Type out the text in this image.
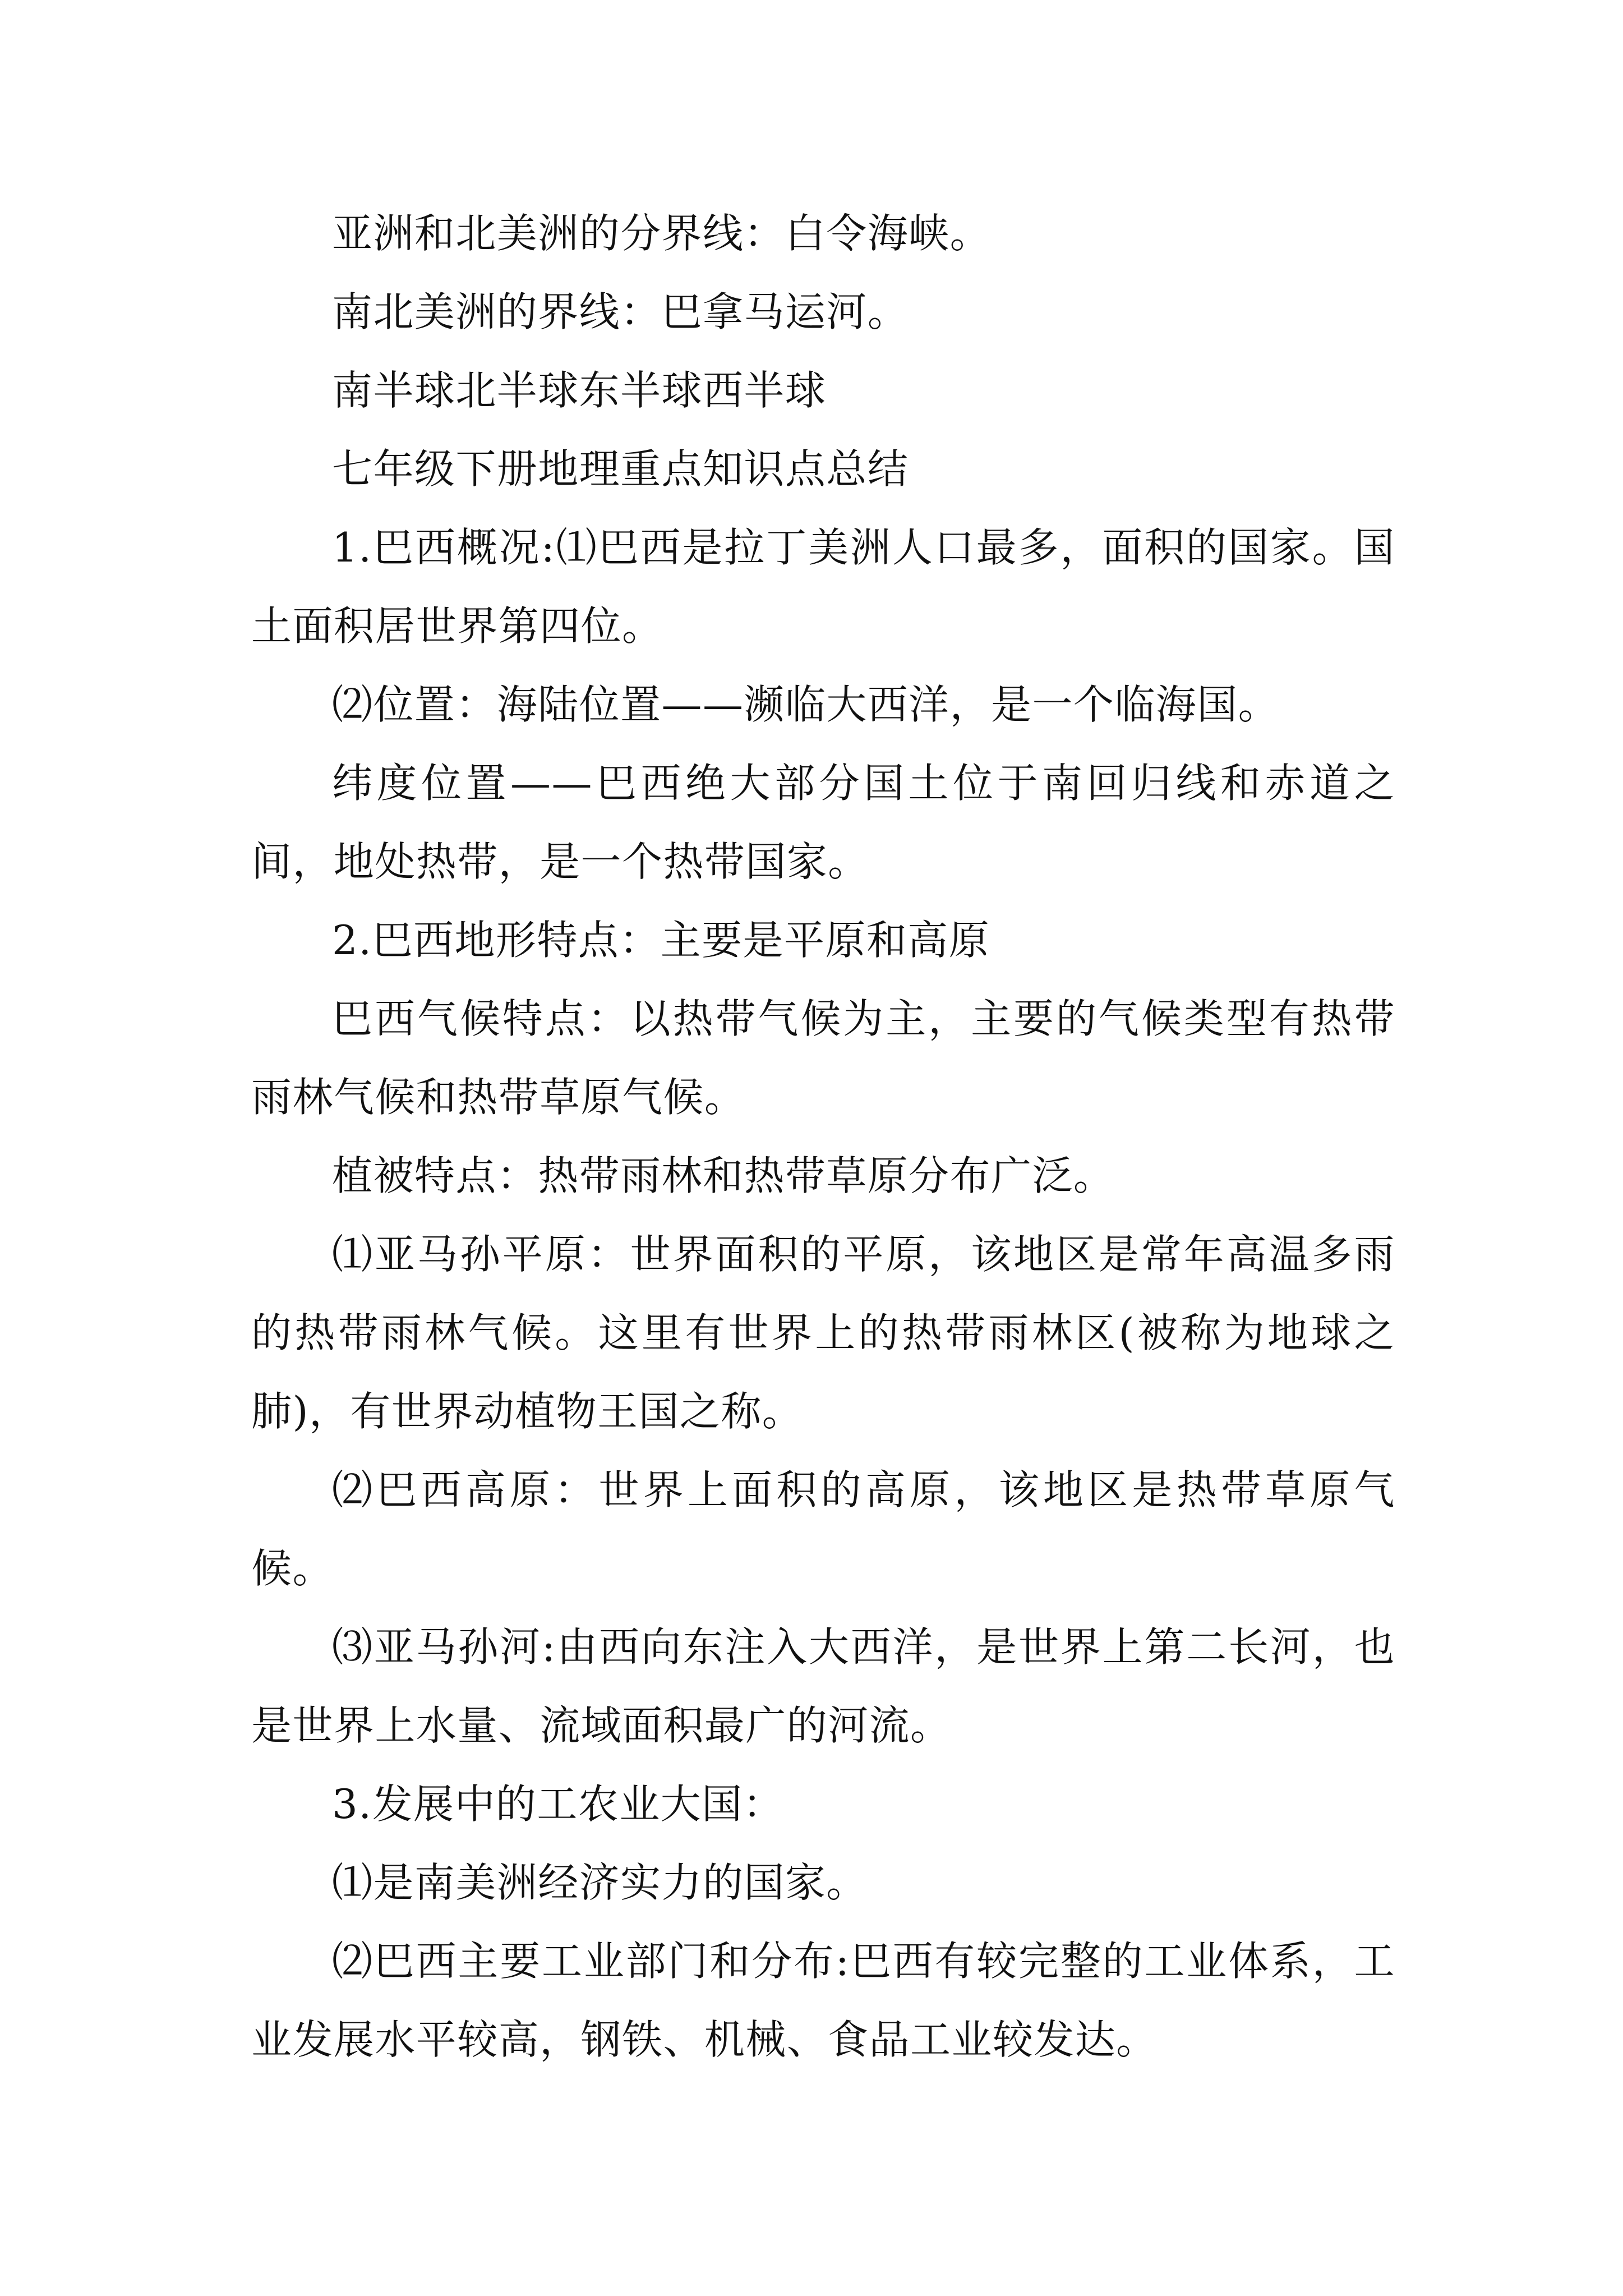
亚洲和北美洲的分界线：白令海峡。

南北美洲的界线：巴拿马运河。

南半球北半球东半球西半球

七年级下册地理重点知识点总结

1.巴西概况:⑴巴西是拉丁美洲人口最多，面积的国家。国土面积居世界第四位。

⑵位置：海陆位置——濒临大西洋，是一个临海国。

纬度位置——巴西绝大部分国土位于南回归线和赤道之间，地处热带，是一个热带国家。

2.巴西地形特点：主要是平原和高原

巴西气候特点：以热带气候为主，主要的气候类型有热带雨林气候和热带草原气候。

植被特点：热带雨林和热带草原分布广泛。

⑴亚马孙平原：世界面积的平原，该地区是常年高温多雨的热带雨林气候。这里有世界上的热带雨林区(被称为地球之肺)，有世界动植物王国之称。

⑵巴西高原：世界上面积的高原，该地区是热带草原气候。

⑶亚马孙河:由西向东注入大西洋，是世界上第二长河，也是世界上水量、流域面积最广的河流。

3.发展中的工农业大国：

⑴是南美洲经济实力的国家。

⑵巴西主要工业部门和分布:巴西有较完整的工业体系，工业发展水平较高，钢铁、机械、食品工业较发达。
